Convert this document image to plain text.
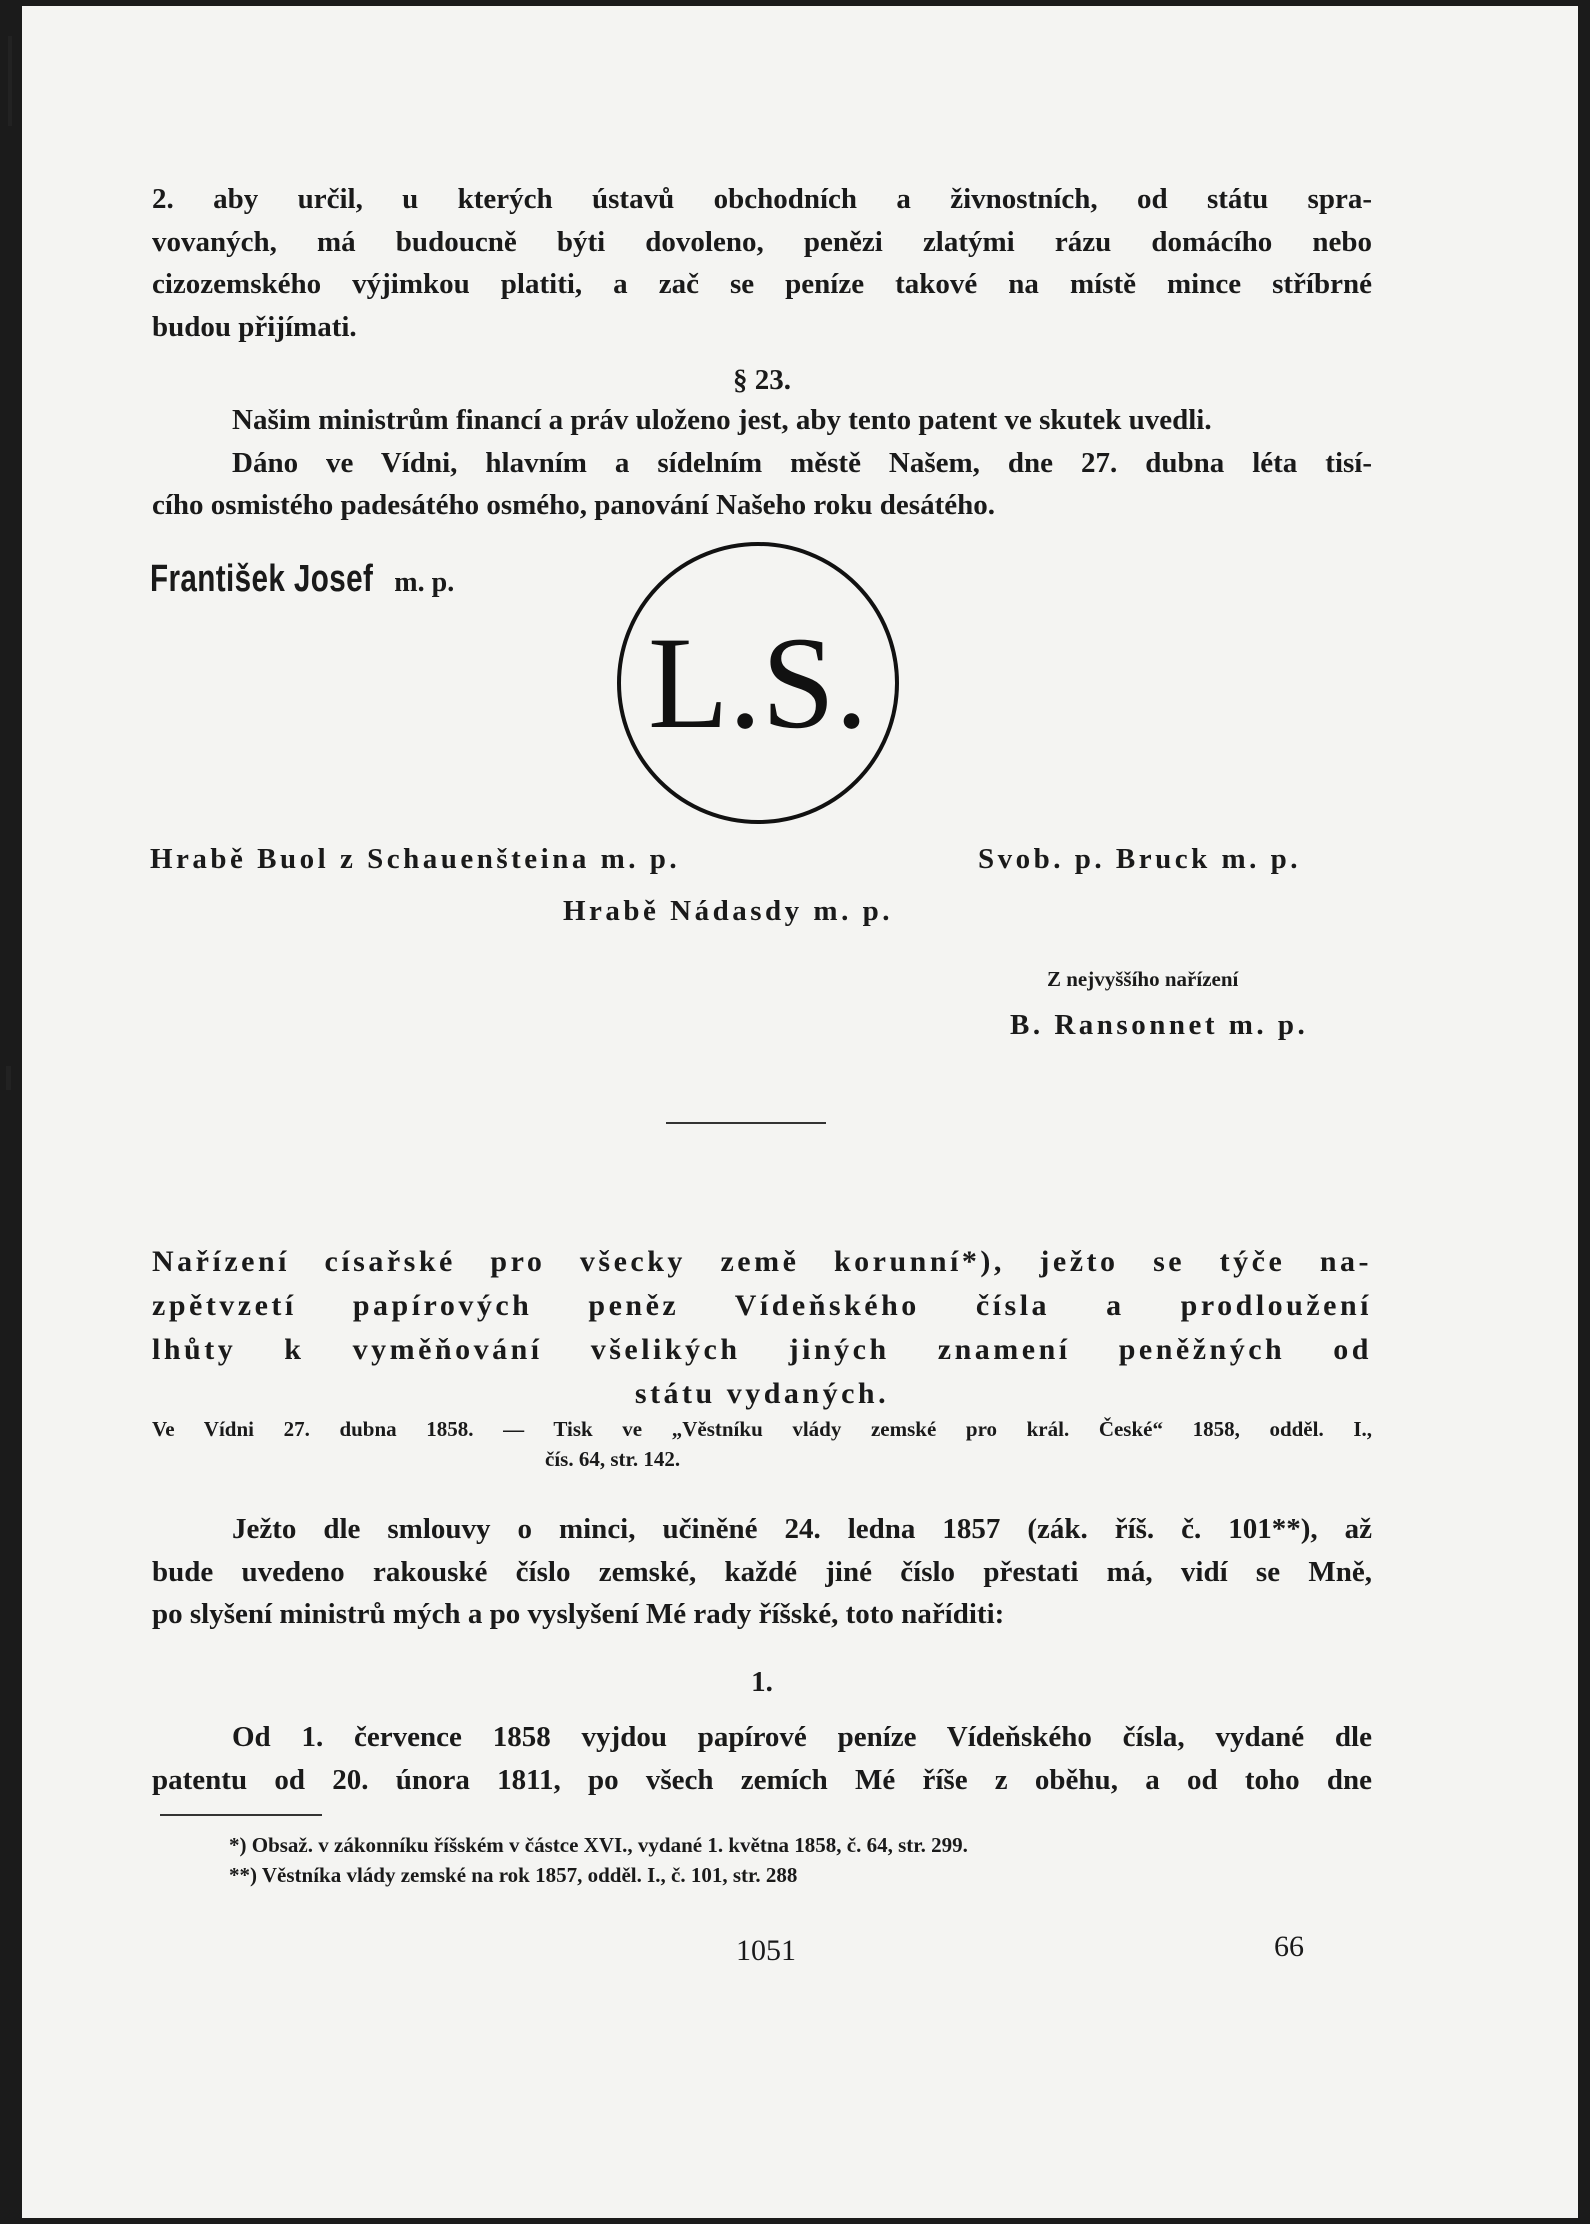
2. aby určil, u kterých ústavů obchodních a živnostních, od státu spra-

vovaných, má budoucně býti dovoleno, penězi zlatými rázu domácího nebo

cizozemského výjimkou platiti, a zač se peníze takové na místě mince stříbrné

budou přijímati.

§ 23.

Našim ministrům financí a práv uloženo jest, aby tento patent ve skutek uvedli.

Dáno ve Vídni, hlavním a sídelním městě Našem, dne 27. dubna léta tisí-

cího osmistého padesátého osmého, panování Našeho roku desátého.

František Josef m. p.
L.S.
Hrabě Buol z Schauenšteina m. p.	Svob. p. Bruck m. p.
Hrabě Nádasdy m. p.
Z nejvyššího nařízení
B. Ransonnet m. p.

Nařízení císařské pro všecky země korunní*), ježto se týče na-

zpětvzetí papírových peněz Vídeňského čísla a prodloužení

lhůty k vyměňování všelikých jiných znamení peněžných od

státu vydaných.

Ve Vídni 27. dubna 1858. — Tisk ve „Věstníku vlády zemské pro král. České“ 1858, odděl. I.,

čís. 64, str. 142.

Ježto dle smlouvy o minci, učiněné 24. ledna 1857 (zák. říš. č. 101**), až

bude uvedeno rakouské číslo zemské, každé jiné číslo přestati má, vidí se Mně,

po slyšení ministrů mých a po vyslyšení Mé rady říšské, toto naříditi:

1.

Od 1. července 1858 vyjdou papírové peníze Vídeňského čísla, vydané dle

patentu od 20. února 1811, po všech zemích Mé říše z oběhu, a od toho dne

*) Obsaž. v zákonníku říšském v částce XVI., vydané 1. května 1858, č. 64, str. 299.

**) Věstníka vlády zemské na rok 1857, odděl. I., č. 101, str. 288

1051	66
